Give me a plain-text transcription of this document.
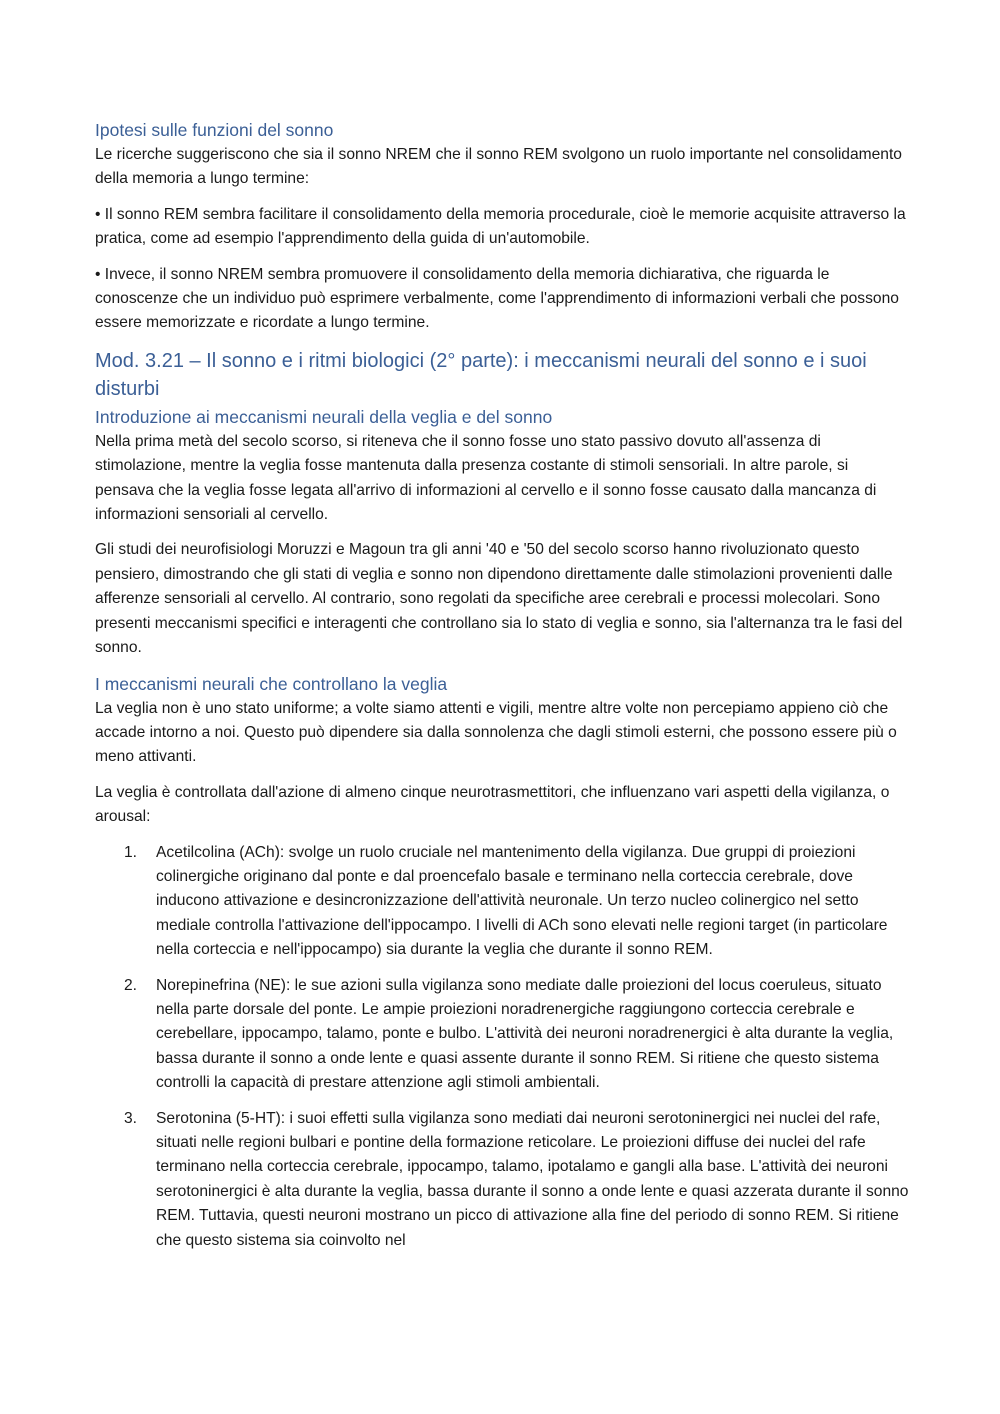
Ipotesi sulle funzioni del sonno

Le ricerche suggeriscono che sia il sonno NREM che il sonno REM svolgono un ruolo importante nel consolidamento della memoria a lungo termine:

• Il sonno REM sembra facilitare il consolidamento della memoria procedurale, cioè le memorie acquisite attraverso la pratica, come ad esempio l'apprendimento della guida di un'automobile.

• Invece, il sonno NREM sembra promuovere il consolidamento della memoria dichiarativa, che riguarda le conoscenze che un individuo può esprimere verbalmente, come l'apprendimento di informazioni verbali che possono essere memorizzate e ricordate a lungo termine.

Mod. 3.21 – Il sonno e i ritmi biologici (2° parte): i meccanismi neurali del sonno e i suoi disturbi
Introduzione ai meccanismi neurali della veglia e del sonno

Nella prima metà del secolo scorso, si riteneva che il sonno fosse uno stato passivo dovuto all'assenza di stimolazione, mentre la veglia fosse mantenuta dalla presenza costante di stimoli sensoriali. In altre parole, si pensava che la veglia fosse legata all'arrivo di informazioni al cervello e il sonno fosse causato dalla mancanza di informazioni sensoriali al cervello.

Gli studi dei neurofisiologi Moruzzi e Magoun tra gli anni '40 e '50 del secolo scorso hanno rivoluzionato questo pensiero, dimostrando che gli stati di veglia e sonno non dipendono direttamente dalle stimolazioni provenienti dalle afferenze sensoriali al cervello. Al contrario, sono regolati da specifiche aree cerebrali e processi molecolari. Sono presenti meccanismi specifici e interagenti che controllano sia lo stato di veglia e sonno, sia l'alternanza tra le fasi del sonno.

I meccanismi neurali che controllano la veglia

La veglia non è uno stato uniforme; a volte siamo attenti e vigili, mentre altre volte non percepiamo appieno ciò che accade intorno a noi. Questo può dipendere sia dalla sonnolenza che dagli stimoli esterni, che possono essere più o meno attivanti.

La veglia è controllata dall'azione di almeno cinque neurotrasmettitori, che influenzano vari aspetti della vigilanza, o arousal:

1. Acetilcolina (ACh): svolge un ruolo cruciale nel mantenimento della vigilanza. Due gruppi di proiezioni colinergiche originano dal ponte e dal proencefalo basale e terminano nella corteccia cerebrale, dove inducono attivazione e desincronizzazione dell'attività neuronale. Un terzo nucleo colinergico nel setto mediale controlla l'attivazione dell'ippocampo. I livelli di ACh sono elevati nelle regioni target (in particolare nella corteccia e nell'ippocampo) sia durante la veglia che durante il sonno REM.
2. Norepinefrina (NE): le sue azioni sulla vigilanza sono mediate dalle proiezioni del locus coeruleus, situato nella parte dorsale del ponte. Le ampie proiezioni noradrenergiche raggiungono corteccia cerebrale e cerebellare, ippocampo, talamo, ponte e bulbo. L'attività dei neuroni noradrenergici è alta durante la veglia, bassa durante il sonno a onde lente e quasi assente durante il sonno REM. Si ritiene che questo sistema controlli la capacità di prestare attenzione agli stimoli ambientali.
3. Serotonina (5-HT): i suoi effetti sulla vigilanza sono mediati dai neuroni serotoninergici nei nuclei del rafe, situati nelle regioni bulbari e pontine della formazione reticolare. Le proiezioni diffuse dei nuclei del rafe terminano nella corteccia cerebrale, ippocampo, talamo, ipotalamo e gangli alla base. L'attività dei neuroni serotoninergici è alta durante la veglia, bassa durante il sonno a onde lente e quasi azzerata durante il sonno REM. Tuttavia, questi neuroni mostrano un picco di attivazione alla fine del periodo di sonno REM. Si ritiene che questo sistema sia coinvolto nel
